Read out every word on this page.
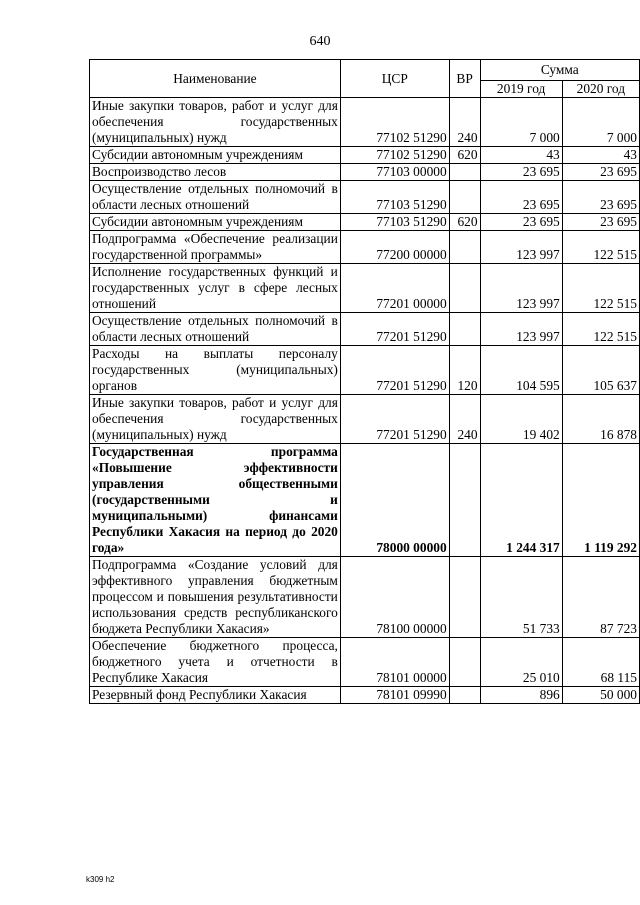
640
Наименование	ЦСР	ВР	Сумма	
			2019 год	2020 год
Иные закупки товаров, работ и услуг для обеспечения государственных (муниципальных) нужд	77102 51290	240	7 000	7 000
Субсидии автономным учреждениям	77102 51290	620	43	43
Воспроизводство лесов	77103 00000		23 695	23 695
Осуществление отдельных полномочий в области лесных отношений	77103 51290		23 695	23 695
Субсидии автономным учреждениям	77103 51290	620	23 695	23 695
Подпрограмма «Обеспечение реализации государственной программы»	77200 00000		123 997	122 515
Исполнение государственных функций и государственных услуг в сфере лесных отношений	77201 00000		123 997	122 515
Осуществление отдельных полномочий в области лесных отношений	77201 51290		123 997	122 515
Расходы на выплаты персоналу государственных (муниципальных) органов	77201 51290	120	104 595	105 637
Иные закупки товаров, работ и услуг для обеспечения государственных (муниципальных) нужд	77201 51290	240	19 402	16 878
Государственная программа «Повышение эффективности управления общественными (государственными и муниципальными) финансами Республики Хакасия на период до 2020 года»	78000 00000		1 244 317	1 119 292
Подпрограмма «Создание условий для эффективного управления бюджетным процессом и повышения результативности использования средств республиканского бюджета Республики Хакасия»	78100 00000		51 733	87 723
Обеспечение бюджетного процесса, бюджетного учета и отчетности в Республике Хакасия	78101 00000		25 010	68 115
Резервный фонд Республики Хакасия	78101 09990		896	50 000
k309 h2
